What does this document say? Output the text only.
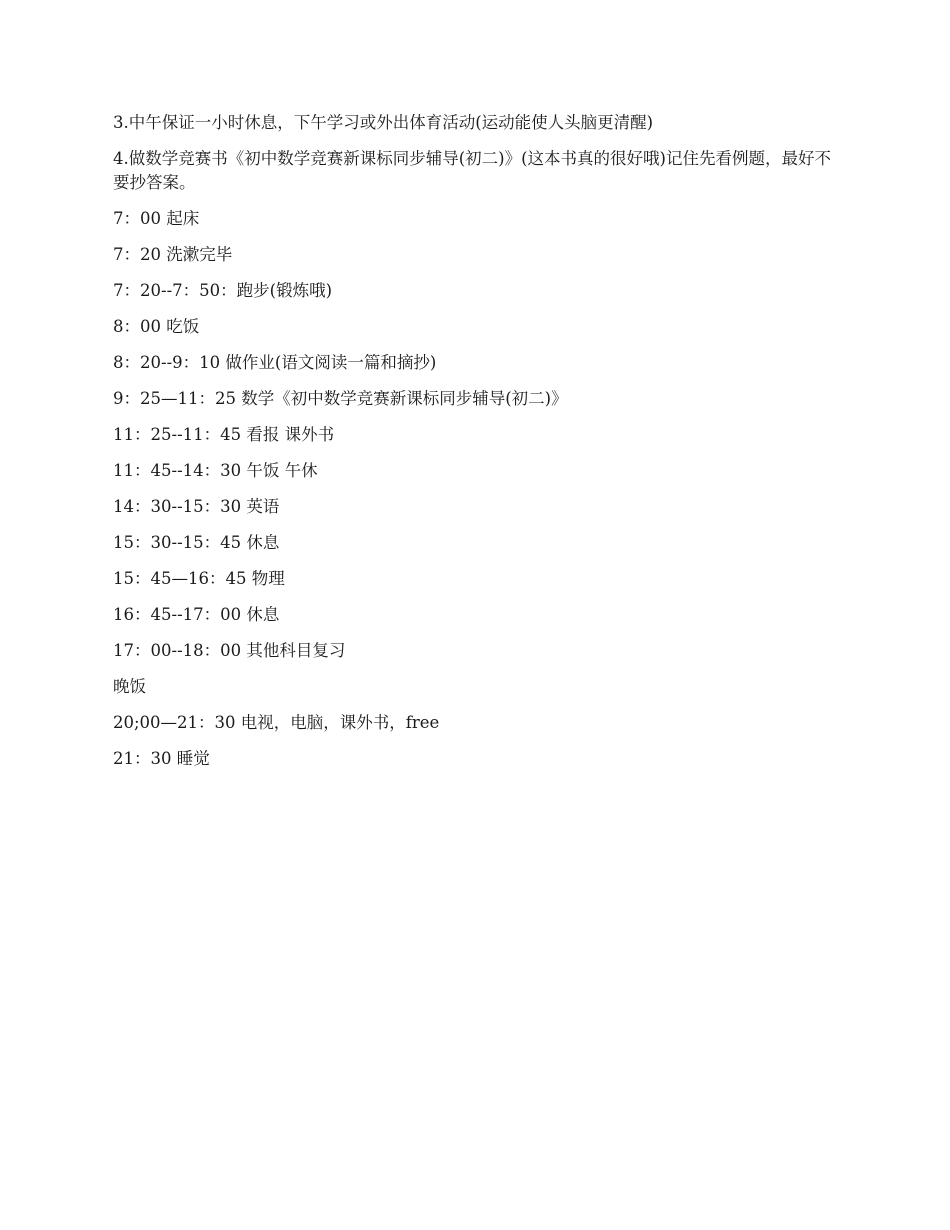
3.中午保证一小时休息，下午学习或外出体育活动(运动能使人头脑更清醒)

4.做数学竞赛书《初中数学竞赛新课标同步辅导(初二)》(这本书真的很好哦)记住先看例题，最好不要抄答案。

7：00 起床

7：20 洗漱完毕

7：20--7：50：跑步(锻炼哦)

8：00 吃饭

8：20--9：10 做作业(语文阅读一篇和摘抄)

9：25—11：25 数学《初中数学竞赛新课标同步辅导(初二)》

11：25--11：45 看报 课外书

11：45--14：30 午饭 午休

14：30--15：30 英语

15：30--15：45 休息

15：45—16：45 物理

16：45--17：00 休息

17：00--18：00 其他科目复习

晚饭

20;00—21：30 电视，电脑，课外书，free

21：30 睡觉
